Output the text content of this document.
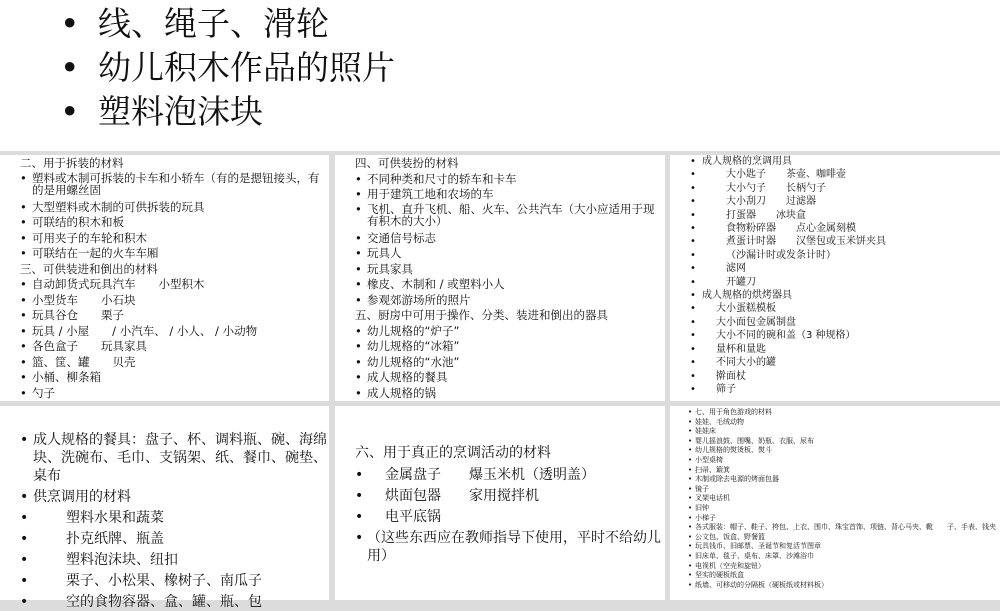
• 线、绳子、滑轮
• 幼儿积木作品的照片
• 塑料泡沫块
二、用于拆装的材料
• 塑料或木制可拆装的卡车和小轿车（有的是摁钮接头，有的是用螺丝固
• 大型塑料或木制的可供拆装的玩具
• 可联结的积木和板
• 可用夹子的车轮和积木
• 可联结在一起的火车车厢
三、可供装进和倒出的材料
• 自动卸货式玩具汽车　　小型积木
• 小型货车　　小石块
• 玩具谷仓　　栗子
• 玩具 / 小屋　　/ 小汽车、 / 小人、 / 小动物
• 各色盒子　　玩具家具
• 篮、筐、罐　　贝壳
• 小桶、柳条箱
• 勺子
四、可供装扮的材料
• 不同种类和尺寸的轿车和卡车
• 用于建筑工地和农场的车
• 飞机、直升飞机、船、火车、公共汽车（大小应适用于现有积木的大小）
• 交通信号标志
• 玩具人
• 玩具家具
• 橡皮、木制和 / 或塑料小人
• 参观郊游场所的照片
五、厨房中可用于操作、分类、装进和倒出的器具
• 幼儿规格的“炉子”
• 幼儿规格的“冰箱”
• 幼儿规格的“水池”
• 成人规格的餐具
• 成人规格的锅
• 成人规格的烹调用具
• 大小匙子　　茶壶、咖啡壶
• 大小勺子　　长柄勺子
• 大小刮刀　　过滤器
• 打蛋器　　冰块盒
• 食物粉碎器　　点心金属刻模
• 煮蛋计时器　　汉堡包或玉米饼夹具
• （沙漏计时或发条计时）
• 滤网
• 开罐刀
• 成人规格的烘烤器具
• 大小蛋糕模板
• 大小面包金属制盘
• 大小不同的碗和盖（3 种规格）
• 量杯和量匙
• 不同大小的罐
• 擀面杖
• 筛子
• 成人规格的餐具：盘子、杯、调料瓶、碗、海绵块、洗碗布、毛巾、支锅架、纸、餐巾、碗垫、桌布
• 供烹调用的材料
• 塑料水果和蔬菜
• 扑克纸牌、瓶盖
• 塑料泡沫块、纽扣
• 栗子、小松果、橡树子、南瓜子
• 空的食物容器、盒、罐、瓶、包
六、用于真正的烹调活动的材料
• 金属盘子　　爆玉米机（透明盖）
• 烘面包器　　家用搅拌机
• 电平底锅
• （这些东西应在教师指导下使用，平时不给幼儿用）
• 七、用于角色游戏的材料
• 娃娃、毛绒动物
• 娃娃床
• 婴儿摇浪鼓、围嘴、奶瓶、衣服、尿布
• 幼儿规格的熨烫板、熨斗
• 小型桌椅
• 扫帚、簸箕
• 木制或除去电源的烤面包器
• 镜子
• 叉架电话机
• 旧钟
• 小梯子
• 各式服装：帽子、鞋子、挎包、上衣、围巾、珠宝首饰、项链、背心马夹、靴　　子、手表、钱夹
• 公文包、饭盒、野餐篮
• 玩具钱币、旧邮票、圣诞节和复活节图章
• 旧床单、毯子、桌布、床罩、沙滩浴巾
• 电视机（空壳和旋钮）
• 坚实的硬板纸盒
• 纸墙、可移动的分隔板（硬板纸或材料板）
